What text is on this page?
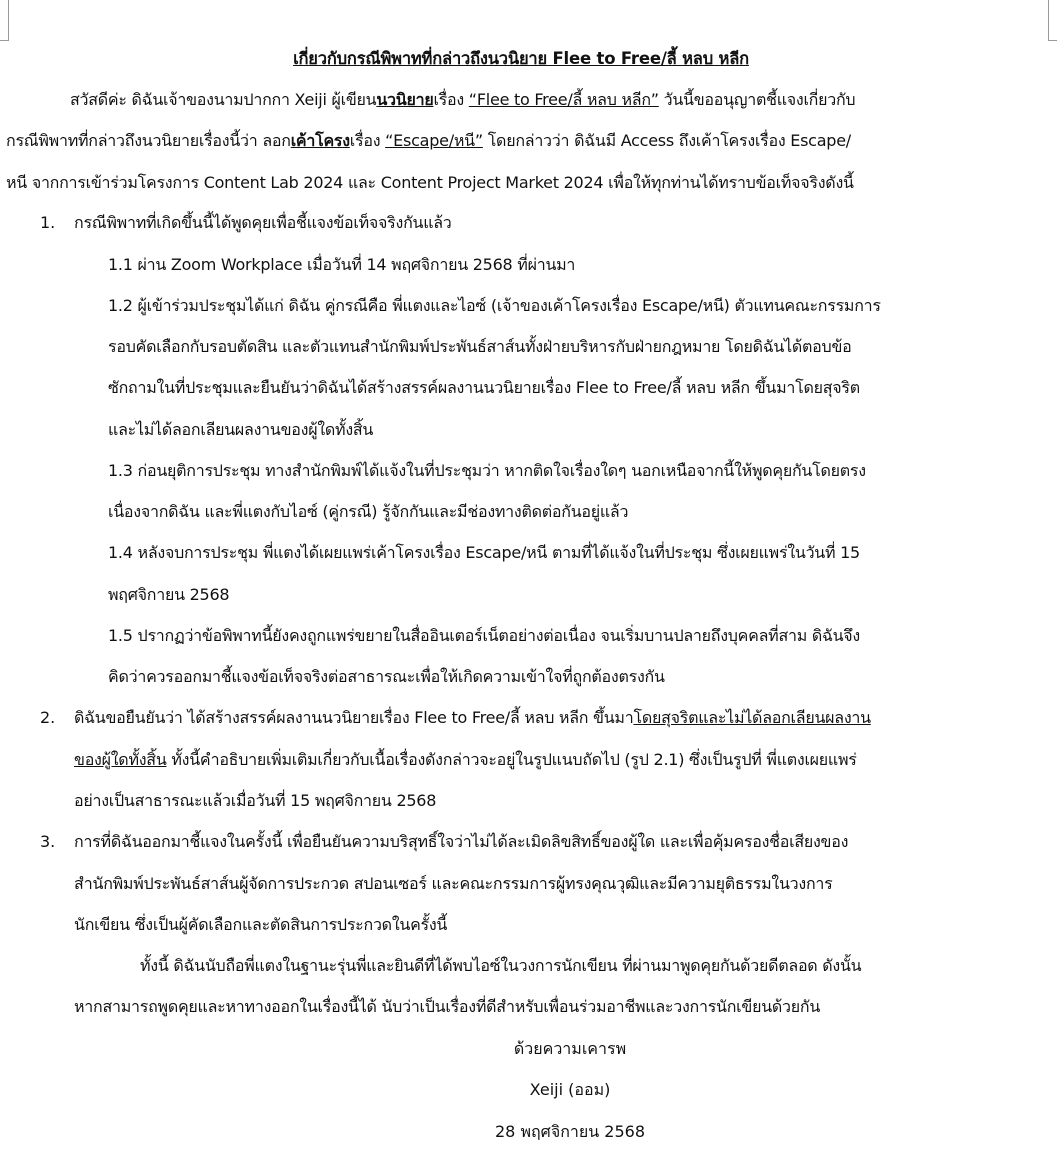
เกี่ยวกับกรณีพิพาทที่กล่าวถึงนวนิยาย Flee to Free/ลี้ หลบ หลีก
สวัสดีค่ะ ดิฉันเจ้าของนามปากกา Xeiji ผู้เขียนนวนิยายเรื่อง “Flee to Free/ลี้ หลบ หลีก” วันนี้ขออนุญาตชี้แจงเกี่ยวกับ
กรณีพิพาทที่กล่าวถึงนวนิยายเรื่องนี้ว่า ลอกเค้าโครงเรื่อง “Escape/หนี” โดยกล่าวว่า ดิฉันมี Access ถึงเค้าโครงเรื่อง Escape/
หนี จากการเข้าร่วมโครงการ Content Lab 2024 และ Content Project Market 2024 เพื่อให้ทุกท่านได้ทราบข้อเท็จจริงดังนี้
1. กรณีพิพาทที่เกิดขึ้นนี้ได้พูดคุยเพื่อชี้แจงข้อเท็จจริงกันแล้ว
1.1 ผ่าน Zoom Workplace เมื่อวันที่ 14 พฤศจิกายน 2568 ที่ผ่านมา
1.2 ผู้เข้าร่วมประชุมได้แก่ ดิฉัน คู่กรณีคือ พี่แตงและไอซ์ (เจ้าของเค้าโครงเรื่อง Escape/หนี) ตัวแทนคณะกรรมการ
รอบคัดเลือกกับรอบตัดสิน และตัวแทนสำนักพิมพ์ประพันธ์สาส์นทั้งฝ่ายบริหารกับฝ่ายกฎหมาย โดยดิฉันได้ตอบข้อ
ซักถามในที่ประชุมและยืนยันว่าดิฉันได้สร้างสรรค์ผลงานนวนิยายเรื่อง Flee to Free/ลี้ หลบ หลีก ขึ้นมาโดยสุจริต
และไม่ได้ลอกเลียนผลงานของผู้ใดทั้งสิ้น
1.3 ก่อนยุติการประชุม ทางสำนักพิมพ์ได้แจ้งในที่ประชุมว่า หากติดใจเรื่องใดๆ นอกเหนือจากนี้ให้พูดคุยกันโดยตรง
เนื่องจากดิฉัน และพี่แตงกับไอซ์ (คู่กรณี) รู้จักกันและมีช่องทางติดต่อกันอยู่แล้ว
1.4 หลังจบการประชุม พี่แตงได้เผยแพร่เค้าโครงเรื่อง Escape/หนี ตามที่ได้แจ้งในที่ประชุม ซึ่งเผยแพร่ในวันที่ 15
พฤศจิกายน 2568
1.5 ปรากฏว่าข้อพิพาทนี้ยังคงถูกแพร่ขยายในสื่ออินเตอร์เน็ตอย่างต่อเนื่อง จนเริ่มบานปลายถึงบุคคลที่สาม ดิฉันจึง
คิดว่าควรออกมาชี้แจงข้อเท็จจริงต่อสาธารณะเพื่อให้เกิดความเข้าใจที่ถูกต้องตรงกัน
2. ดิฉันขอยืนยันว่า ได้สร้างสรรค์ผลงานนวนิยายเรื่อง Flee to Free/ลี้ หลบ หลีก ขึ้นมาโดยสุจริตและไม่ได้ลอกเลียนผลงาน
ของผู้ใดทั้งสิ้น ทั้งนี้คำอธิบายเพิ่มเติมเกี่ยวกับเนื้อเรื่องดังกล่าวจะอยู่ในรูปแนบถัดไป (รูป 2.1) ซึ่งเป็นรูปที่ พี่แตงเผยแพร่
อย่างเป็นสาธารณะแล้วเมื่อวันที่ 15 พฤศจิกายน 2568
3. การที่ดิฉันออกมาชี้แจงในครั้งนี้ เพื่อยืนยันความบริสุทธิ์ใจว่าไม่ได้ละเมิดลิขสิทธิ์ของผู้ใด และเพื่อคุ้มครองชื่อเสียงของ
สำนักพิมพ์ประพันธ์สาส์นผู้จัดการประกวด สปอนเซอร์ และคณะกรรมการผู้ทรงคุณวุฒิและมีความยุติธรรมในวงการ
นักเขียน ซึ่งเป็นผู้คัดเลือกและตัดสินการประกวดในครั้งนี้
ทั้งนี้ ดิฉันนับถือพี่แตงในฐานะรุ่นพี่และยินดีที่ได้พบไอซ์ในวงการนักเขียน ที่ผ่านมาพูดคุยกันด้วยดีตลอด ดังนั้น
หากสามารถพูดคุยและหาทางออกในเรื่องนี้ได้ นับว่าเป็นเรื่องที่ดีสำหรับเพื่อนร่วมอาชีพและวงการนักเขียนด้วยกัน
ด้วยความเคารพ
Xeiji (ออม)
28 พฤศจิกายน 2568
